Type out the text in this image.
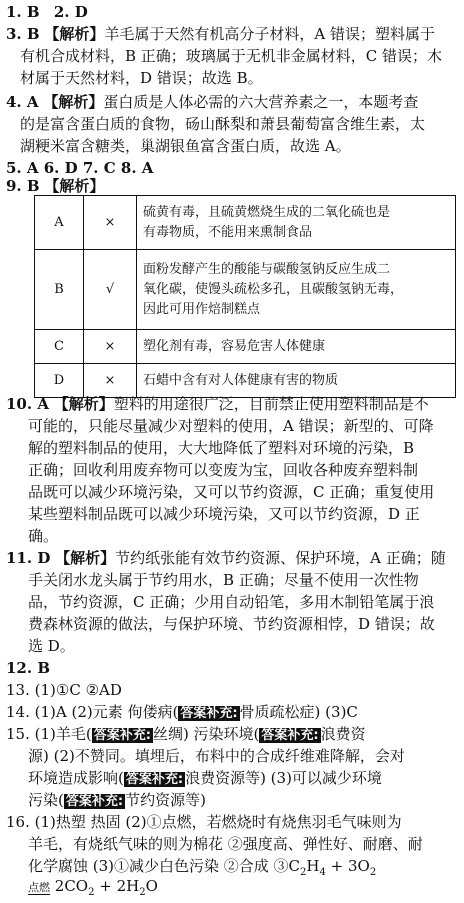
1. B 2. D
3. B 【解析】羊毛属于天然有机高分子材料，A 错误；塑料属于
有机合成材料，B 正确；玻璃属于无机非金属材料，C 错误；木
材属于天然材料，D 错误；故选 B。
4. A 【解析】蛋白质是人体必需的六大营养素之一，本题考查
的是富含蛋白质的食物，砀山酥梨和萧县葡萄富含维生素，太
湖粳米富含糖类，巢湖银鱼富含蛋白质，故选 A。
5. A 6. D 7. C 8. A
9. B 【解析】
A	×	硫黄有毒，且硫黄燃烧生成的二氧化硫也是
有毒物质，不能用来熏制食品

B	√	面粉发酵产生的酸能与碳酸氢钠反应生成二
氧化碳，使馒头疏松多孔，且碳酸氢钠无毒，
因此可用作焙制糕点

C	×	塑化剂有毒，容易危害人体健康
D	×	石蜡中含有对人体健康有害的物质
10. A 【解析】塑料的用途很广泛，目前禁止使用塑料制品是不
可能的，只能尽量减少对塑料的使用，A 错误；新型的、可降
解的塑料制品的使用，大大地降低了塑料对环境的污染，B
正确；回收利用废弃物可以变废为宝，回收各种废弃塑料制
品既可以减少环境污染，又可以节约资源，C 正确；重复使用
某些塑料制品既可以减少环境污染，又可以节约资源，D 正
确。
11. D 【解析】节约纸张能有效节约资源、保护环境，A 正确；随
手关闭水龙头属于节约用水，B 正确；尽量不使用一次性物
品，节约资源，C 正确；少用自动铅笔，多用木制铅笔属于浪
费森林资源的做法，与保护环境、节约资源相悖，D 错误；故
选 D。
12. B
13. (1)①C ②AD
14. (1)A (2)元素 佝偻病( 答案补充: 骨质疏松症) (3)C
15. (1)羊毛( 答案补充: 丝绸) 污染环境( 答案补充: 浪费资
源) (2)不赞同。填埋后，布料中的合成纤维难降解，会对
环境造成影响( 答案补充: 浪费资源等) (3)可以减少环境
污染( 答案补充: 节约资源等)
16. (1)热塑 热固 (2)①点燃，若燃烧时有烧焦羽毛气味则为
羊毛，有烧纸气味的则为棉花 ②强度高、弹性好、耐磨、耐
化学腐蚀 (3)①减少白色污染 ②合成 $③C_2H_4 + 3O_2$
点燃 $2CO_2 + 2H_2O$
